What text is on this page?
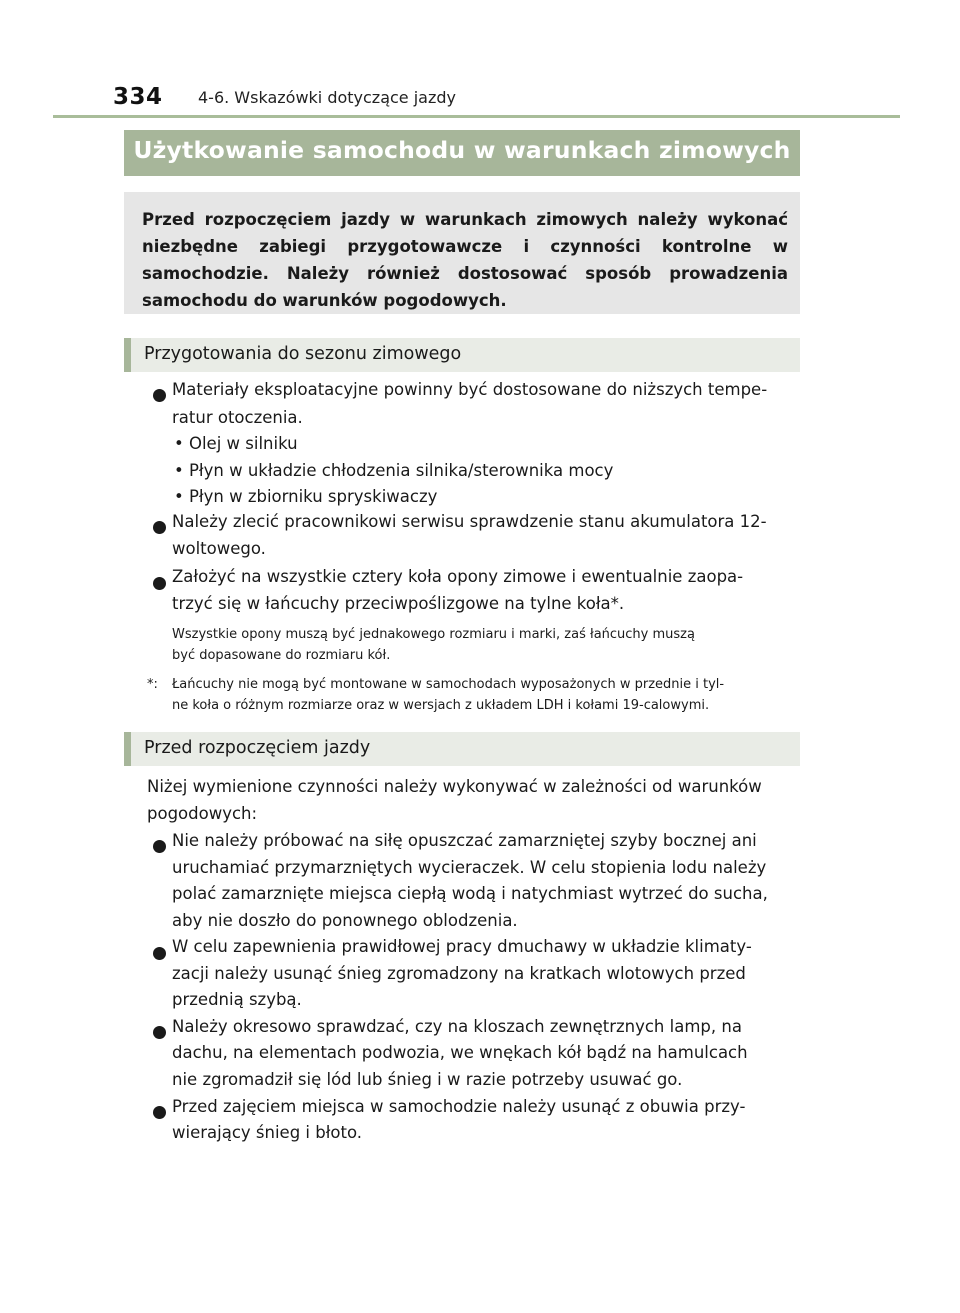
334 4-6. Wskazówki dotyczące jazdy
Użytkowanie samochodu w warunkach zimowych
Przed rozpoczęciem jazdy w warunkach zimowych należy wykonać niezbędne zabiegi przygotowawcze i czynności kontrolne w samochodzie. Należy również dostosować sposób prowadzenia samochodu do warunków pogodowych.
Przygotowania do sezonu zimowego
Materiały eksploatacyjne powinny być dostosowane do niższych tempe-
ratur otoczenia.
• Olej w silniku
• Płyn w układzie chłodzenia silnika/sterownika mocy
• Płyn w zbiorniku spryskiwaczy
Należy zlecić pracownikowi serwisu sprawdzenie stanu akumulatora 12-
woltowego.
Założyć na wszystkie cztery koła opony zimowe i ewentualnie zaopa-
trzyć się w łańcuchy przeciwpoślizgowe na tylne koła*.
Wszystkie opony muszą być jednakowego rozmiaru i marki, zaś łańcuchy muszą
być dopasowane do rozmiaru kół.
*: Łańcuchy nie mogą być montowane w samochodach wyposażonych w przednie i tyl-
ne koła o różnym rozmiarze oraz w wersjach z układem LDH i kołami 19-calowymi.
Przed rozpoczęciem jazdy
Niżej wymienione czynności należy wykonywać w zależności od warunków
pogodowych:
Nie należy próbować na siłę opuszczać zamarzniętej szyby bocznej ani
uruchamiać przymarzniętych wycieraczek. W celu stopienia lodu należy
polać zamarznięte miejsca ciepłą wodą i natychmiast wytrzeć do sucha,
aby nie doszło do ponownego oblodzenia.
W celu zapewnienia prawidłowej pracy dmuchawy w układzie klimaty-
zacji należy usunąć śnieg zgromadzony na kratkach wlotowych przed
przednią szybą.
Należy okresowo sprawdzać, czy na kloszach zewnętrznych lamp, na
dachu, na elementach podwozia, we wnękach kół bądź na hamulcach
nie zgromadził się lód lub śnieg i w razie potrzeby usuwać go.
Przed zajęciem miejsca w samochodzie należy usunąć z obuwia przy-
wierający śnieg i błoto.
